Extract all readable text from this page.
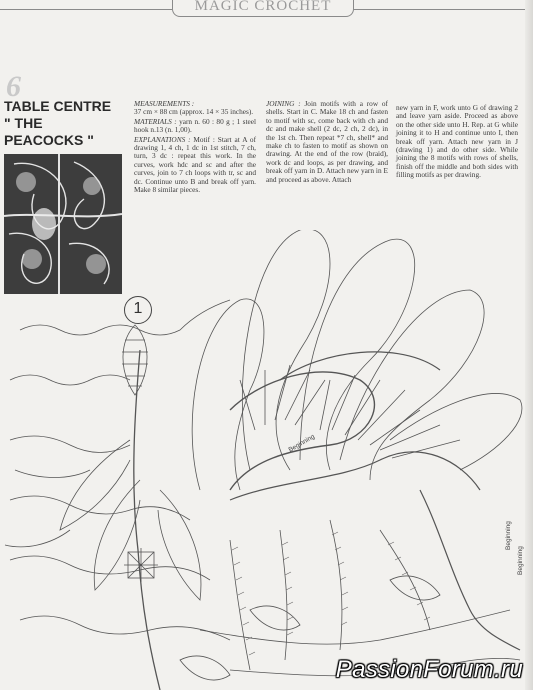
MAGIC CROCHET
6
TABLE CENTRE
" THE
PEACOCKS "

MEASUREMENTS :
37 cm × 88 cm (approx. 14 × 35 inches).

MATERIALS : yarn n. 60 : 80 g ; 1 steel hook n.13 (n. 1,00).

EXPLANATIONS : Motif : Start at A of drawing 1, 4 ch, 1 dc in 1st stitch, 7 ch, turn, 3 dc : repeat this work. In the curves, work hdc and sc and after the curves, join to 7 ch loops with tr, sc and dc. Continue unto B and break off yarn. Make 8 similar pieces.

JOINING : Join motifs with a row of shells. Start in C. Make 18 ch and fasten to motif with sc, come back with ch and dc and make shell (2 dc, 2 ch, 2 dc), in the 1st ch. Then repeat *7 ch, shell* and make ch to fasten to motif as shown on drawing. At the end of the row (braid), work dc and loops, as per drawing, and break off yarn in D. Attach new yarn in E and proceed as above. Attach

new yarn in F, work unto G of drawing 2 and leave yarn aside. Proceed as above on the other side unto H. Rep. at G while joining it to H and continue unto I, then break off yarn. Attach new yarn in J (drawing 1) and do other side. While joining the 8 motifs with rows of shells, finish off the middle and both sides with filling motifs as per drawing.

1
Beginning
Beginning
Beginning
PassionForum.ru
